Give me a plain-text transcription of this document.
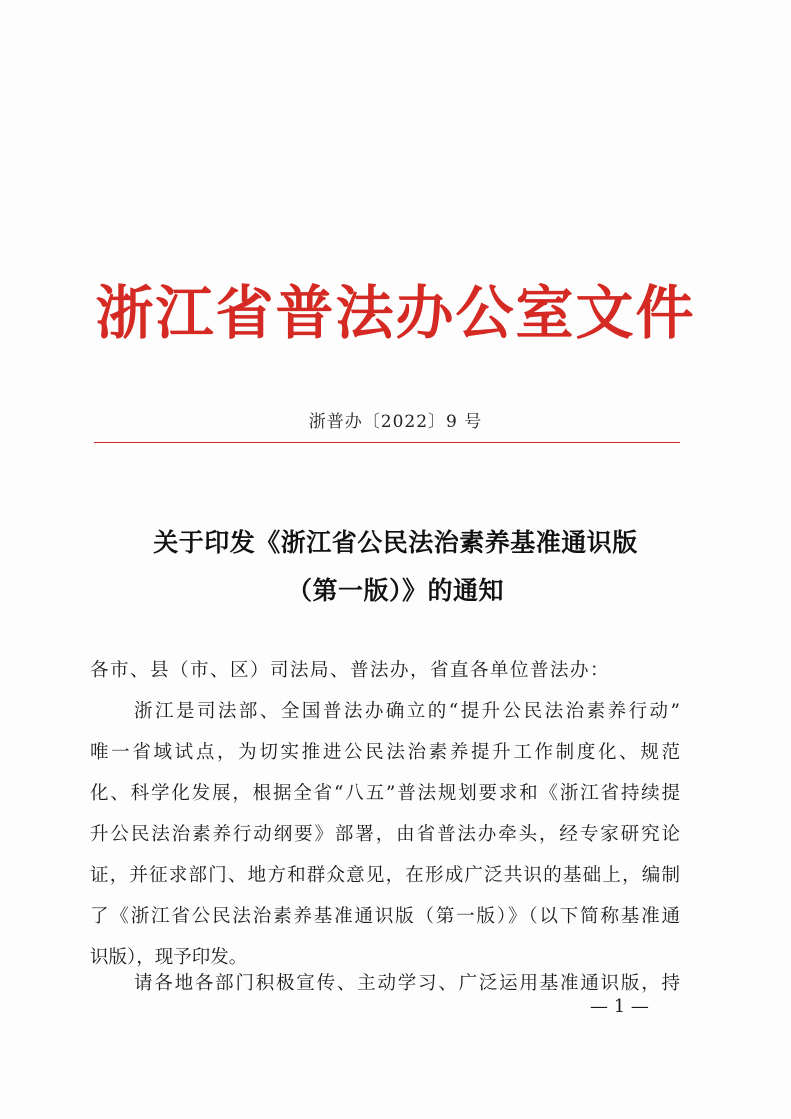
浙江省普法办公室文件
浙普办〔2022〕9 号
关于印发《浙江省公民法治素养基准通识版
（第一版）》的通知
各市、县（市、区）司法局、普法办，省直各单位普法办：
浙江是司法部、全国普法办确立的“提升公民法治素养行动”
唯一省域试点，为切实推进公民法治素养提升工作制度化、规范
化、科学化发展，根据全省“八五”普法规划要求和《浙江省持续提
升公民法治素养行动纲要》部署，由省普法办牵头，经专家研究论
证，并征求部门、地方和群众意见，在形成广泛共识的基础上，编制
了《浙江省公民法治素养基准通识版（第一版）》（以下简称基准通
识版），现予印发。
请各地各部门积极宣传、主动学习、广泛运用基准通识版，持
— 1 —
